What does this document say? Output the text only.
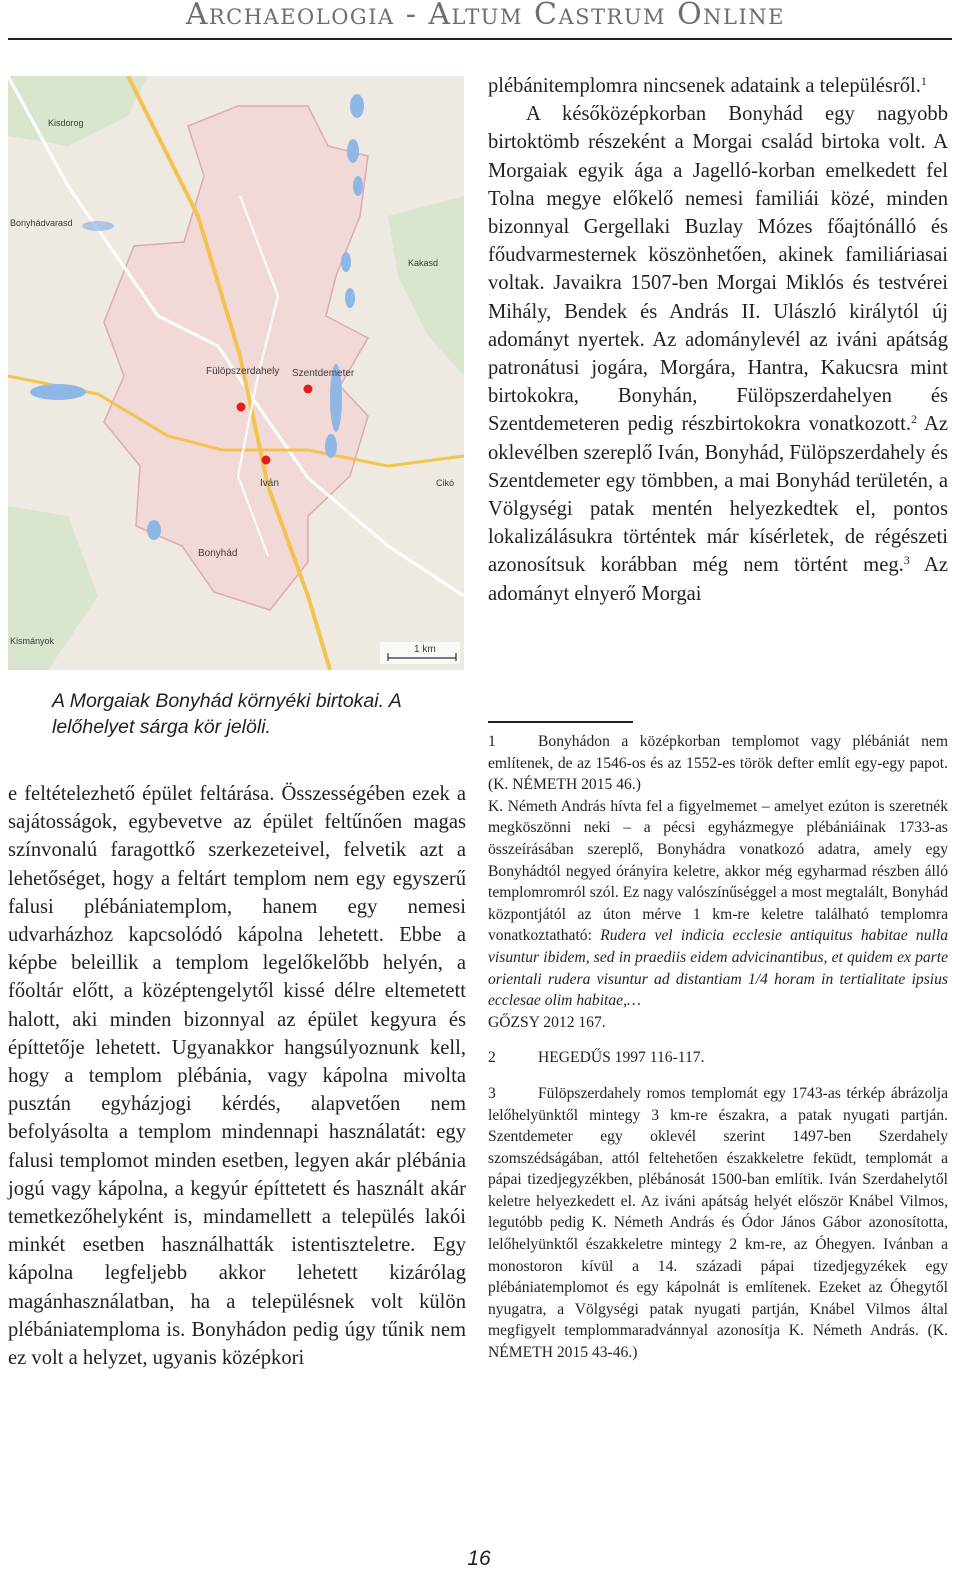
Archaeologia - Altum Castrum Online
Kisdorog
Bonyhádvarasd
Kakasd
Fülöpszerdahely Szentdemeter
Iván
Bonyhád
Cikó
Kismányok
1 km
A Morgaiak Bonyhád környéki birtokai. A lelőhelyet sárga kör jelöli.
e feltételezhető épület feltárása. Összességében ezek a sajátosságok, egybevetve az épület feltűnően magas színvonalú faragottkő szerkezeteivel, felvetik azt a lehetőséget, hogy a feltárt templom nem egy egyszerű falusi plébániatemplom, hanem egy nemesi udvarházhoz kapcsolódó kápolna lehetett. Ebbe a képbe beleillik a templom legelőkelőbb helyén, a főoltár előtt, a középtengelytől kissé délre eltemetett halott, aki minden bizonnyal az épület kegyura és építtetője lehetett. Ugyanakkor hangsúlyoznunk kell, hogy a templom plébánia, vagy kápolna mivolta pusztán egyházjogi kérdés, alapvetően nem befolyásolta a templom mindennapi használatát: egy falusi templomot minden esetben, legyen akár plébánia jogú vagy kápolna, a kegyúr építtetett és használt akár temetkezőhelyként is, mindamellett a település lakói minkét esetben használhatták istentiszteletre. Egy kápolna legfeljebb akkor lehetett kizárólag magánhasználatban, ha a településnek volt külön plébániatemploma is. Bonyhádon pedig úgy tűnik nem ez volt a helyzet, ugyanis középkori

plébánitemplomra nincsenek adataink a településről.$^1$

A későközépkorban Bonyhád egy nagyobb birtoktömb részeként a Morgai család birtoka volt. A Morgaiak egyik ága a Jagelló-korban emelkedett fel Tolna megye előkelő nemesi familiái közé, minden bizonnyal Gergellaki Buzlay Mózes főajtónálló és főudvarmesternek köszönhetően, akinek familiáriasai voltak. Javaikra 1507-ben Morgai Miklós és testvérei Mihály, Bendek és András II. Ulászló királytól új adományt nyertek. Az adománylevél az iváni apátság patronátusi jogára, Morgára, Hantra, Kakucsra mint birtokokra, Bonyhán, Fülöpszerdahelyen és Szentdemeteren pedig részbirtokokra vonatkozott.$^2$ Az oklevélben szereplő Iván, Bonyhád, Fülöpszerdahely és Szentdemeter egy tömbben, a mai Bonyhád területén, a Völgységi patak mentén helyezkedtek el, pontos lokalizálásukra történtek már kísérletek, de régészeti azonosítsuk korábban még nem történt meg.$^3$ Az adományt elnyerő Morgai

1	Bonyhádon a középkorban templomot vagy plébániát nem említenek, de az 1546-os és az 1552-es török defter említ egy-egy papot. (K. NÉMETH 2015 46.)

K. Németh András hívta fel a figyelmemet – amelyet ezúton is szeretnék megköszönni neki – a pécsi egyházmegye plébániáinak 1733-as összeírásában szereplő, Bonyhádra vonatkozó adatra, amely egy Bonyhádtól negyed órányira keletre, akkor még egyharmad részben álló templomromról szól. Ez nagy valószínűséggel a most megtalált, Bonyhád központjától az úton mérve 1 km-re keletre található templomra vonatkoztatható: Rudera vel indicia ecclesie antiquitus habitae nulla visuntur ibidem, sed in praediis eidem advicinantibus, et quidem ex parte orientali rudera visuntur ad distantiam 1/4 horam in tertialitate ipsius ecclesae olim habitae,…

GŐZSY 2012 167.

2	HEGEDŰS 1997 116-117.

3	Fülöpszerdahely romos templomát egy 1743-as térkép ábrázolja lelőhelyünktől mintegy 3 km-re északra, a patak nyugati partján. Szentdemeter egy oklevél szerint 1497-ben Szerdahely szomszédságában, attól feltehetően északkeletre feküdt, templomát a pápai tizedjegyzékben, plébánosát 1500-ban említik. Iván Szerdahelytől keletre helyezkedett el. Az iváni apátság helyét először Knábel Vilmos, legutóbb pedig K. Németh András és Ódor János Gábor azonosította, lelőhelyünktől északkeletre mintegy 2 km-re, az Óhegyen. Ivánban a monostoron kívül a 14. századi pápai tizedjegyzékek egy plébániatemplomot és egy kápolnát is említenek. Ezeket az Óhegytől nyugatra, a Völgységi patak nyugati partján, Knábel Vilmos által megfigyelt templommaradvánnyal azonosítja K. Németh András. (K. NÉMETH 2015 43-46.)

16
